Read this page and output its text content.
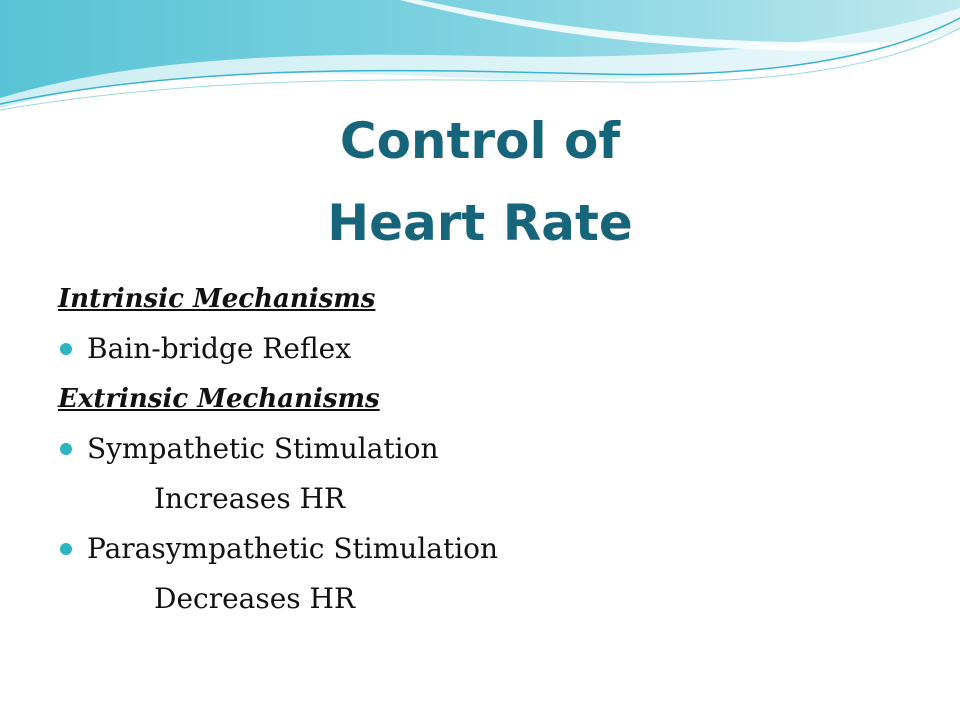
Control of
Heart Rate
Intrinsic Mechanisms
Bain-bridge Reflex
Extrinsic Mechanisms
Sympathetic Stimulation
Increases HR
Parasympathetic Stimulation
Decreases HR
